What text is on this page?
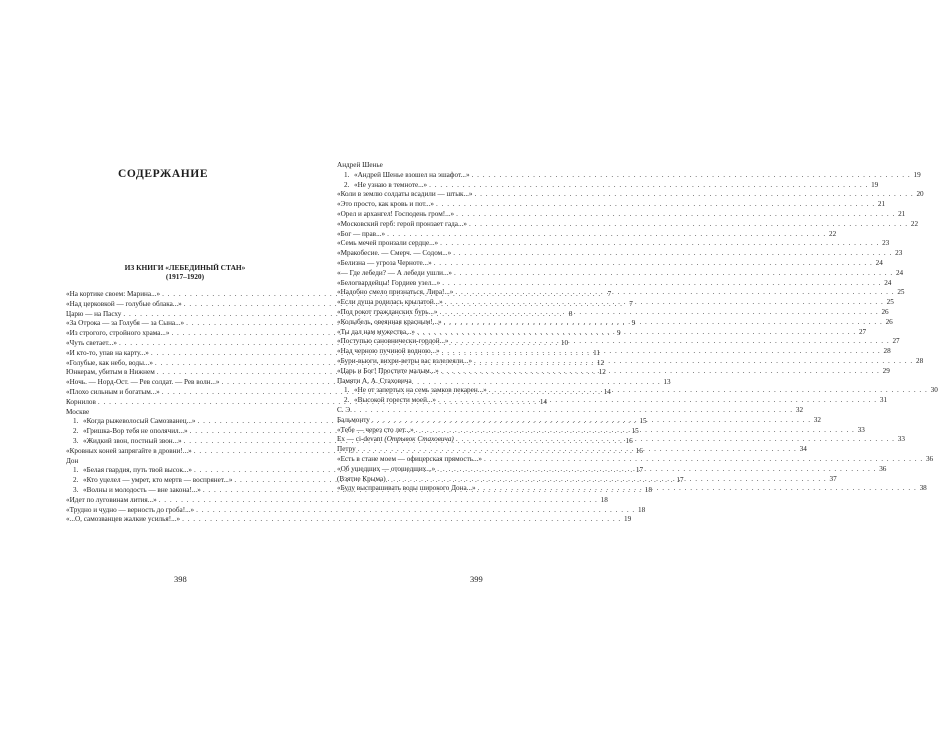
СОДЕРЖАНИЕ
ИЗ КНИГИ «ЛЕБЕДИНЫЙ СТАН»
(1917–1920)
«На кортике своем: Марина...» . . .	7
«Над церковкой — голубые облака...» . . .	7
Царю — на Пасху . . .	8
«За Отрока — за Голубя — за Сына...» . . .	9
«Из строгого, стройного храма...» . . .	9
«Чуть светает...» . . .	10
«И кто-то, упав на карту...» . . .	11
«Голубые, как небо, воды...» . . .	12
Юнкерам, убитым в Нижнем . . .	12
«Ночь. — Норд-Ост. — Рев солдат. — Рев волн...» . . .	13
«Плохо сильным и богатым...» . . .	14
Корнилов . . .	14
Москве
1. «Когда рыжеволосый Самозванец...» . . .	15
2. «Гришка-Вор тебя не ополячил...» . . .	15
3. «Жидкий звон, постный звон...» . . .	16
«Кровных коней запрягайте в дровни!...» . . .	16
Дон
1. «Белая гвардия, путь твой высок...» . . .	17
2. «Кто уцелел — умрет, кто мертв — воспрянет...» . . .	17
3. «Волны и молодость — вне закона!...» . . .	18
«Идет по луговинам лития...» . . .	18
«Трудно и чудно — верность до гроба!...» . . .	18
«...О, самозванцев жалкие усилья!...» . . .	19
398
Андрей Шенье
1. «Андрей Шенье взошел на эшафот...» . . .	19
2. «Не узнаю в темноте...» . . .	19
«Коли в землю солдаты всадили — штык...» . . .	20
«Это просто, как кровь и пот...» . . .	21
«Орел и архангел! Господень гром!...» . . .	21
«Московский герб: герой пронзает гада...» . . .	22
«Бог — прав...» . . .	22
«Семь мечей пронзали сердце...» . . .	23
«Мракобесие. — Смерч. — Содом...» . . .	23
«Белизна — угроза Черноте...» . . .	24
«— Где лебеди? — А лебеди ушли...» . . .	24
«Белогвардейцы! Гордиев узел...» . . .	24
«Надобно смело признаться, Лира!...» . . .	25
«Если душа родилась крылатой...» . . .	25
«Под рокот гражданских бурь...» . . .	26
«Колыбель, овеянная красным!...» . . .	26
«Ты дал нам мужества...» . . .	27
«Поступью сановнически-гордой...» . . .	27
«Над черною пучиной водною...» . . .	28
«Бури-вьюги, вихри-ветры вас взлелеяли...» . . .	28
«Царь и Бог! Простите малым...» . . .	29
Памяти А. А. Стаховича
1. «Не от запертых на семь замков пекарен...» . . .	30
2. «Высокой горести моей...» . . .	31
С. Э. . . .	32
Бальмонту . . .	32
«Тебе — через сто лет...» . . .	33
Ex — ci-devant (Отрывок Стаховича) . . .	33
Петру . . .	34
«Есть в стане моем — офицерская прямость...» . . .	36
«Об ушедших — отошедших...» . . .	36
(Взятие Крыма) . . .	37
«Буду выспрашивать воды широкого Дона...» . . .	38
399
